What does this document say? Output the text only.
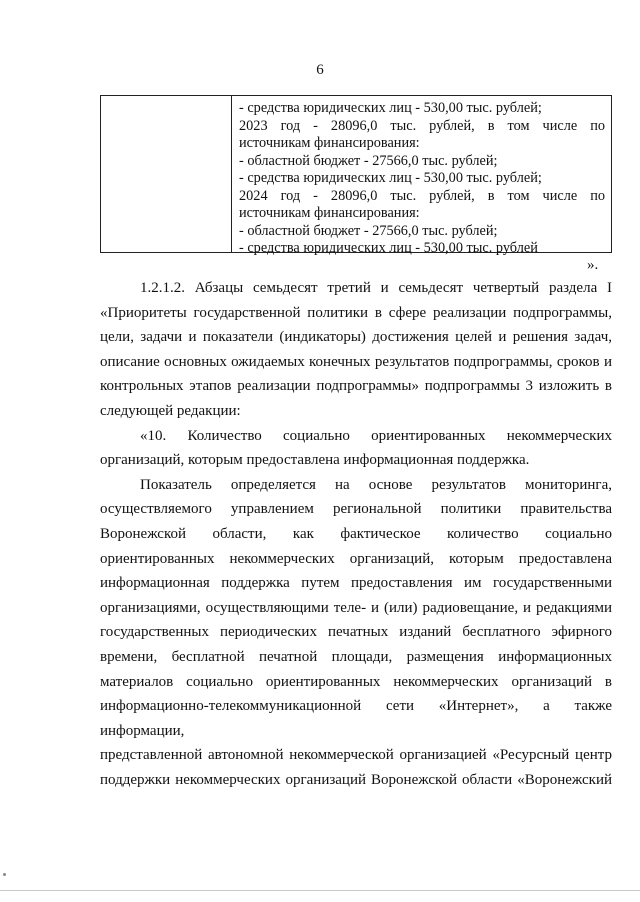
6
- средства юридических лиц - 530,00 тыс. рублей;
2023 год - 28096,0 тыс. рублей, в том числе по
источникам финансирования:
- областной бюджет - 27566,0 тыс. рублей;
- средства юридических лиц - 530,00 тыс. рублей;
2024 год - 28096,0 тыс. рублей, в том числе по
источникам финансирования:
- областной бюджет - 27566,0 тыс. рублей;
- средства юридических лиц - 530,00 тыс. рублей
».

1.2.1.2. Абзацы семьдесят третий и семьдесят четвертый раздела I

«Приоритеты государственной политики в сфере реализации подпрограммы,

цели, задачи и показатели (индикаторы) достижения целей и решения задач,

описание основных ожидаемых конечных результатов подпрограммы, сроков и

контрольных этапов реализации подпрограммы» подпрограммы 3 изложить в

следующей редакции:

«10. Количество социально ориентированных некоммерческих

организаций, которым предоставлена информационная поддержка.

Показатель определяется на основе результатов мониторинга,

осуществляемого управлением региональной политики правительства

Воронежской области, как фактическое количество социально

ориентированных некоммерческих организаций, которым предоставлена

информационная поддержка путем предоставления им государственными

организациями, осуществляющими теле- и (или) радиовещание, и редакциями

государственных периодических печатных изданий бесплатного эфирного

времени, бесплатной печатной площади, размещения информационных

материалов социально ориентированных некоммерческих организаций в

информационно-телекоммуникационной сети «Интернет», а также информации,

представленной автономной некоммерческой организацией «Ресурсный центр

поддержки некоммерческих организаций Воронежской области «Воронежский
